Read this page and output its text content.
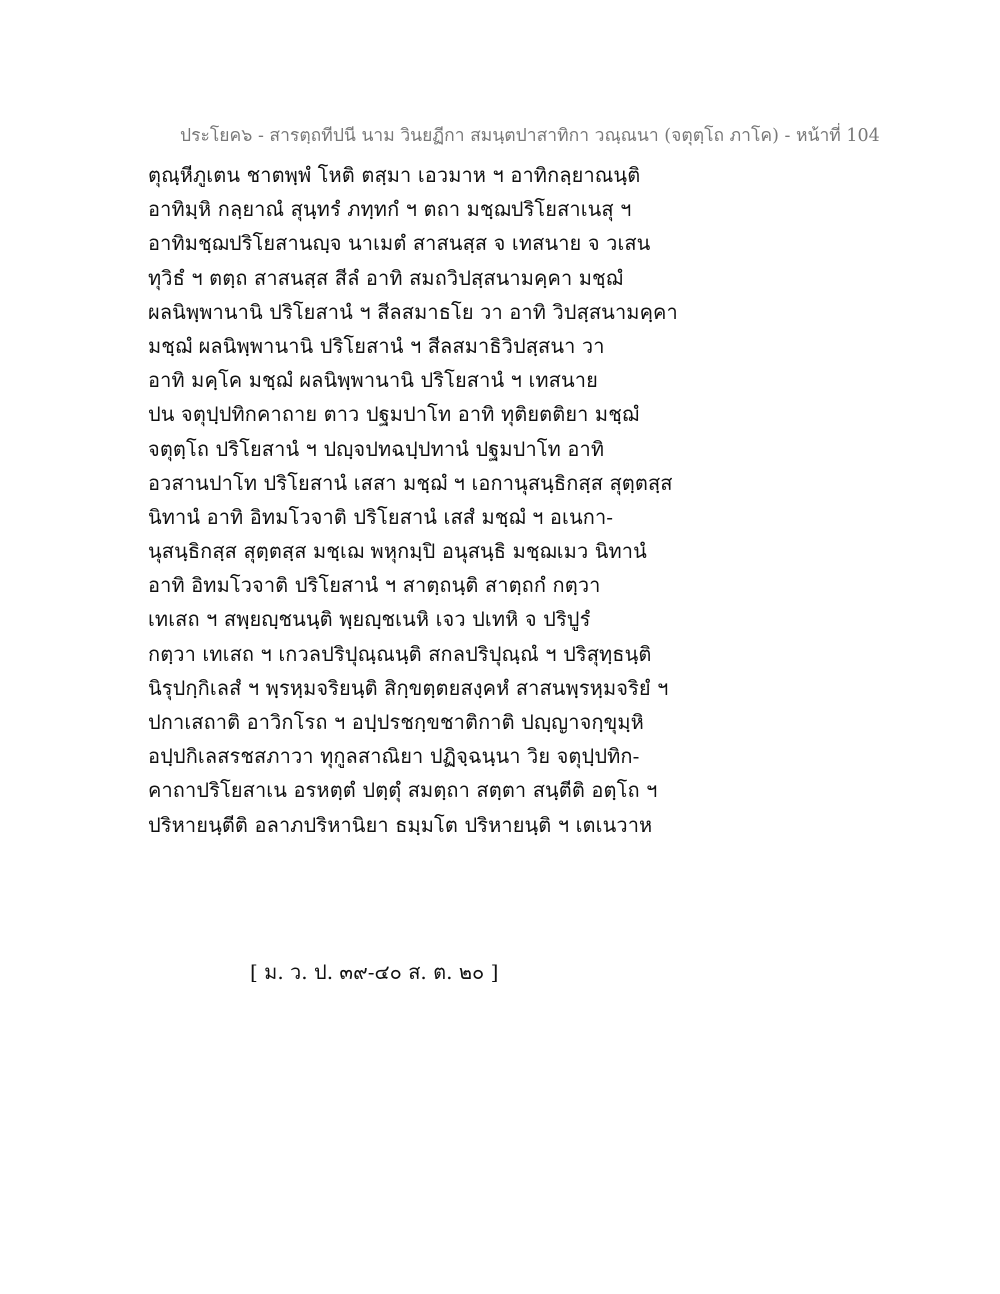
ประโยค๖ - สารตฺถทีปนี นาม วินยฏีกา สมนฺตปาสาทิกา วณฺณนา (จตุตฺโถ ภาโค) - หน้าที่ 104
ตุณฺหีภูเตน ชาตพฺพํ โหติ ตสฺมา เอวมาห ฯ อาทิกลฺยาณนฺติ
อาทิมฺหิ กลฺยาณํ สุนฺทรํ ภทฺทกํ ฯ ตถา มชฺฌปริโยสาเนสุ ฯ
อาทิมชฺฌปริโยสานญฺจ นาเมตํ สาสนสฺส จ เทสนาย จ วเสน
ทุวิธํ ฯ ตตฺถ สาสนสฺส สีลํ อาทิ สมถวิปสฺสนามคฺคา มชฺฌํ
ผลนิพฺพานานิ ปริโยสานํ ฯ สีลสมาธโย วา อาทิ วิปสฺสนามคฺคา
มชฺฌํ ผลนิพฺพานานิ ปริโยสานํ ฯ สีลสมาธิวิปสฺสนา วา
อาทิ มคฺโค มชฺฌํ ผลนิพฺพานานิ ปริโยสานํ ฯ เทสนาย
ปน จตุปฺปทิกคาถาย ตาว ปฐมปาโท อาทิ ทุติยตติยา มชฺฌํ
จตุตฺโถ ปริโยสานํ ฯ ปญฺจปทฉปฺปทานํ ปฐมปาโท อาทิ
อวสานปาโท ปริโยสานํ เสสา มชฺฌํ ฯ เอกานุสนฺธิกสฺส สุตฺตสฺส
นิทานํ อาทิ อิทมโวจาติ ปริโยสานํ เสสํ มชฺฌํ ฯ อเนกา-
นุสนฺธิกสฺส สุตฺตสฺส มชฺเฌ พหุกมฺปิ อนุสนฺธิ มชฺฌเมว นิทานํ
อาทิ อิทมโวจาติ ปริโยสานํ ฯ สาตฺถนฺติ สาตฺถกํ กตฺวา
เทเสถ ฯ สพฺยญฺชนนฺติ พฺยญฺชเนหิ เจว ปเทหิ จ ปริปูรํ
กตฺวา เทเสถ ฯ เกวลปริปุณฺณนฺติ สกลปริปุณฺณํ ฯ ปริสุทฺธนฺติ
นิรุปกฺกิเลสํ ฯ พฺรหฺมจริยนฺติ สิกฺขตฺตยสงฺคหํ สาสนพฺรหฺมจริยํ ฯ
ปกาเสถาติ อาวิกโรถ ฯ อปฺปรชกฺขชาติกาติ ปญฺญาจกฺขุมฺหิ
อปฺปกิเลสรชสภาวา ทุกูลสาณิยา ปฏิจฺฉนฺนา วิย จตุปฺปทิก-
คาถาปริโยสาเน อรหตฺตํ ปตฺตุํ สมตฺถา สตฺตา สนฺตีติ อตฺโถ ฯ
ปริหายนฺตีติ อลาภปริหานิยา ธมฺมโต ปริหายนฺติ ฯ เตเนวาห
[ ม. ว. ป. ๓๙-๔๐ ส. ต. ๒๐ ]
